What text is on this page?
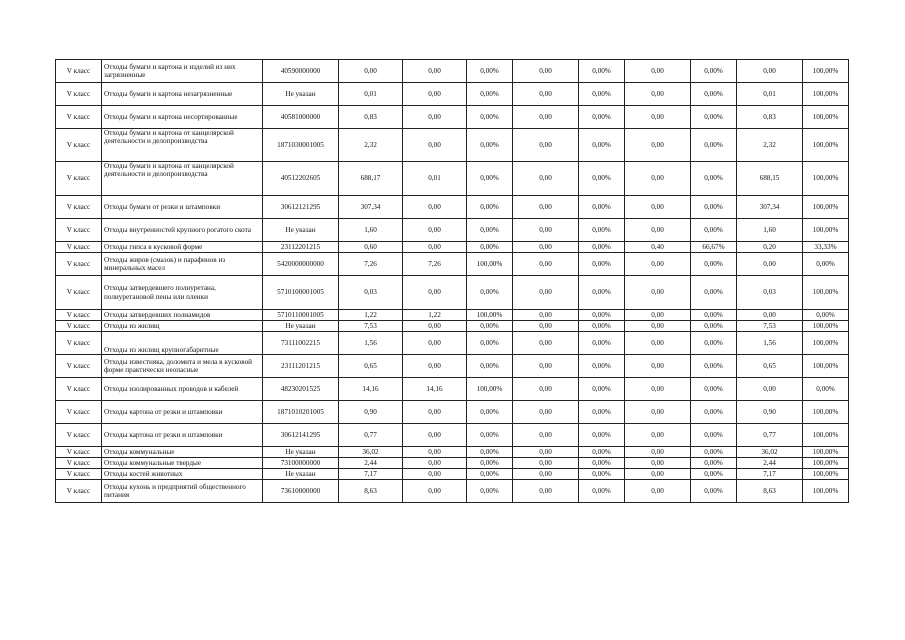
V класс	Отходы бумаги и картона и изделий из них загрязненные	40590000000	0,00	0,00	0,00%	0,00	0,00%	0,00	0,00%	0,00	100,00%
V класс	Отходы бумаги и картона незагрязненные	Не указан	0,01	0,00	0,00%	0,00	0,00%	0,00	0,00%	0,01	100,00%
V класс	Отходы бумаги и картона несортированные	40581000000	0,83	0,00	0,00%	0,00	0,00%	0,00	0,00%	0,83	100,00%
V класс	Отходы бумаги и картона от канцелярской деятельности и делопроизводства	1871030001005	2,32	0,00	0,00%	0,00	0,00%	0,00	0,00%	2,32	100,00%
V класс	Отходы бумаги и картона от канцелярской деятельности и делопроизводства	40512202605	688,17	0,01	0,00%	0,00	0,00%	0,00	0,00%	688,15	100,00%
V класс	Отходы бумаги от резки и штамповки	30612121295	307,34	0,00	0,00%	0,00	0,00%	0,00	0,00%	307,34	100,00%
V класс	Отходы внутренностей крупного рогатого скота	Не указан	1,60	0,00	0,00%	0,00	0,00%	0,00	0,00%	1,60	100,00%
V класс	Отходы гипса в кусковой форме	23112201215	0,60	0,00	0,00%	0,00	0,00%	0,40	66,67%	0,20	33,33%
V класс	Отходы жиров (смазок) и парафинов из минеральных масел	5420000000000	7,26	7,26	100,00%	0,00	0,00%	0,00	0,00%	0,00	0,00%
V класс	Отходы затвердевшего полиуретана, полиуретановой пены или пленки	5710100001005	0,03	0,00	0,00%	0,00	0,00%	0,00	0,00%	0,03	100,00%
V класс	Отходы затвердевших полиамидов	5710110001005	1,22	1,22	100,00%	0,00	0,00%	0,00	0,00%	0,00	0,00%
V класс	Отходы из жилищ	Не указан	7,53	0,00	0,00%	0,00	0,00%	0,00	0,00%	7,53	100,00%
V класс	Отходы из жилищ крупногабаритные	73111002215	1,56	0,00	0,00%	0,00	0,00%	0,00	0,00%	1,56	100,00%
V класс	Отходы известняка, доломита и мела в кусковой форме практически неопасные	23111201215	0,65	0,00	0,00%	0,00	0,00%	0,00	0,00%	0,65	100,00%
V класс	Отходы изолированных проводов и кабелей	48230201525	14,16	14,16	100,00%	0,00	0,00%	0,00	0,00%	0,00	0,00%
V класс	Отходы картона от резки и штамповки	1871010201005	0,90	0,00	0,00%	0,00	0,00%	0,00	0,00%	0,90	100,00%
V класс	Отходы картона от резки и штамповки	30612141295	0,77	0,00	0,00%	0,00	0,00%	0,00	0,00%	0,77	100,00%
V класс	Отходы коммунальные	Не указан	36,02	0,00	0,00%	0,00	0,00%	0,00	0,00%	36,02	100,00%
V класс	Отходы коммунальные твердые	73100000000	2,44	0,00	0,00%	0,00	0,00%	0,00	0,00%	2,44	100,00%
V класс	Отходы костей животных	Не указан	7,17	0,00	0,00%	0,00	0,00%	0,00	0,00%	7,17	100,00%
V класс	Отходы кухонь и предприятий общественного питания	73610000000	8,63	0,00	0,00%	0,00	0,00%	0,00	0,00%	8,63	100,00%
